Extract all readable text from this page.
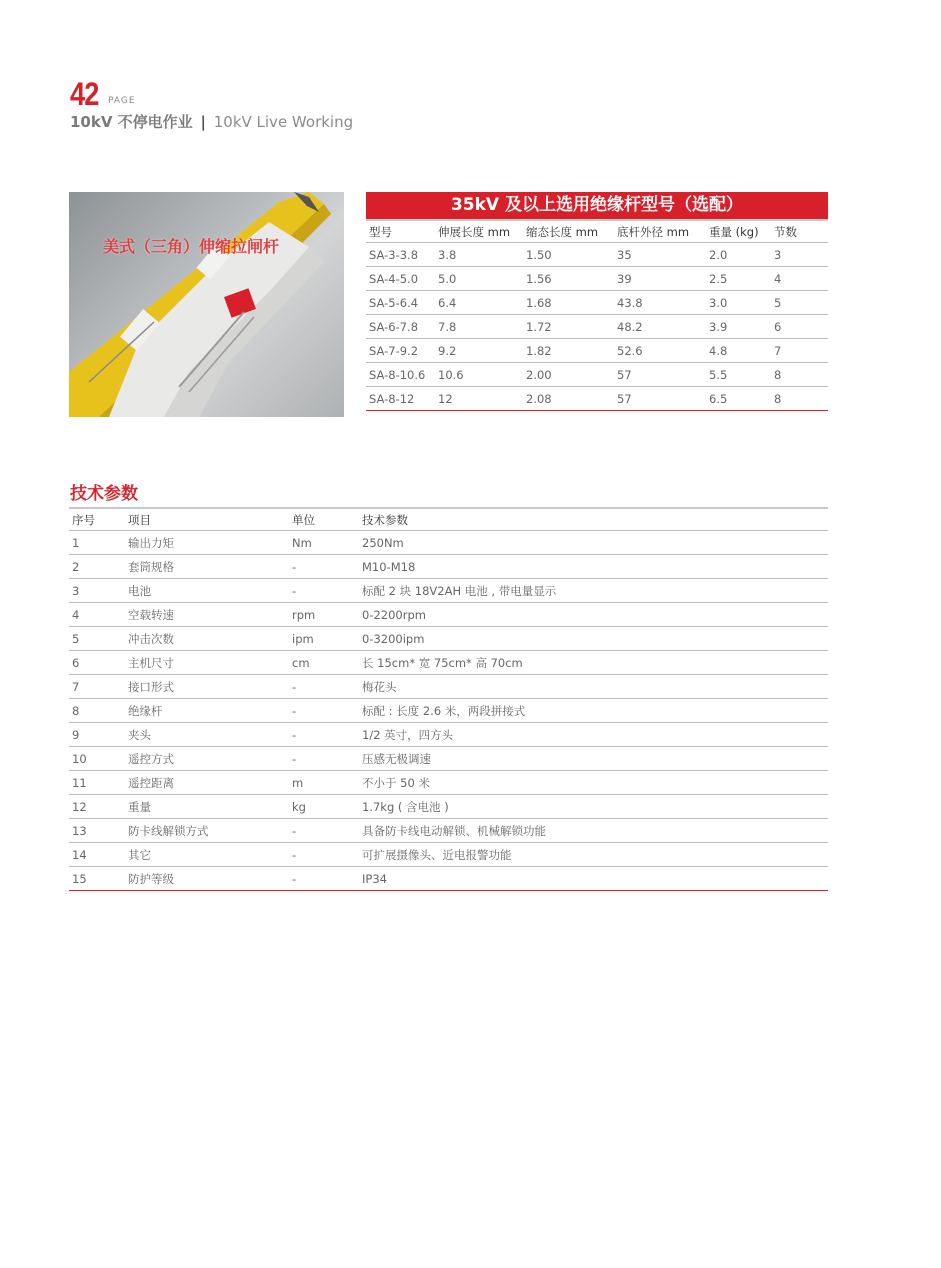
42 PAGE
10kV 不停电作业 | 10kV Live Working
美式（三角）伸缩拉闸杆
35kV 及以上选用绝缘杆型号（选配）
型号	伸展长度 mm	缩态长度 mm	底杆外径 mm	重量 (kg)	节数
SA-3-3.8	3.8	1.50	35	2.0	3
SA-4-5.0	5.0	1.56	39	2.5	4
SA-5-6.4	6.4	1.68	43.8	3.0	5
SA-6-7.8	7.8	1.72	48.2	3.9	6
SA-7-9.2	9.2	1.82	52.6	4.8	7
SA-8-10.6	10.6	2.00	57	5.5	8
SA-8-12	12	2.08	57	6.5	8
技术参数
序号	项目	单位	技术参数
1	输出力矩	Nm	250Nm
2	套筒规格	-	M10-M18
3	电池	-	标配 2 块 18V2AH 电池 , 带电量显示
4	空载转速	rpm	0-2200rpm
5	冲击次数	ipm	0-3200ipm
6	主机尺寸	cm	长 15cm* 宽 75cm* 高 70cm
7	接口形式	-	梅花头
8	绝缘杆	-	标配 : 长度 2.6 米，两段拼接式
9	夹头	-	1/2 英寸，四方头
10	遥控方式	-	压感无极调速
11	遥控距离	m	不小于 50 米
12	重量	kg	1.7kg ( 含电池 )
13	防卡线解锁方式	-	具备防卡线电动解锁、机械解锁功能
14	其它	-	可扩展摄像头、近电报警功能
15	防护等级	-	IP34
